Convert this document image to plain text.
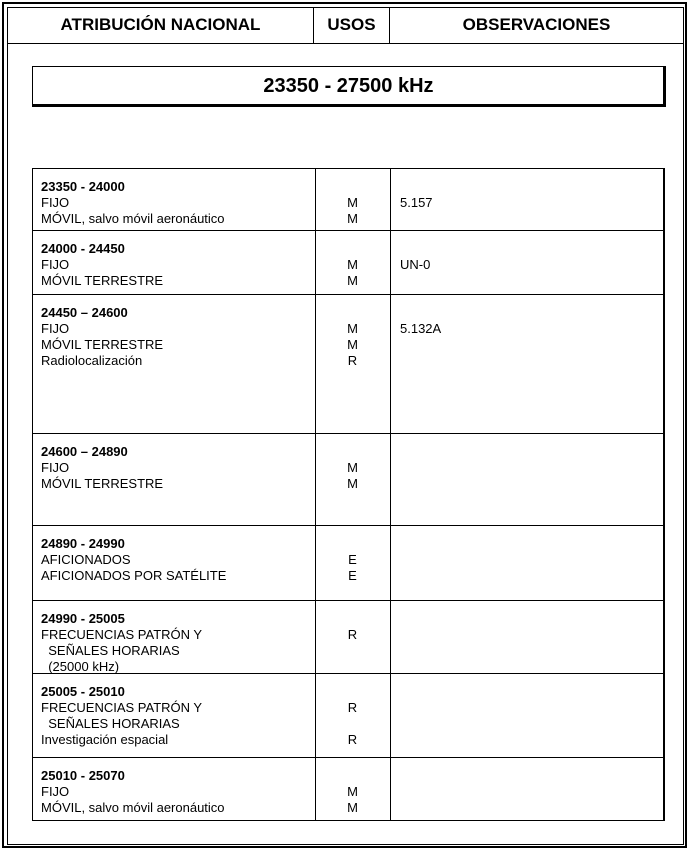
ATRIBUCIÓN NACIONAL	USOS	OBSERVACIONES
23350 - 27500 kHz
23350 - 24000
FIJO
MÓVIL, salvo móvil aeronáutico
M
M
5.157
24000 - 24450
FIJO
MÓVIL TERRESTRE
M
M
UN-0
24450 – 24600
FIJO
MÓVIL TERRESTRE
Radiolocalización
M
M
R
5.132A
24600 – 24890
FIJO
MÓVIL TERRESTRE
M
M
24890 - 24990
AFICIONADOS
AFICIONADOS POR SATÉLITE
E
E
24990 - 25005
FRECUENCIAS PATRÓN Y
SEÑALES HORARIAS
(25000 kHz)
R
25005 - 25010
FRECUENCIAS PATRÓN Y
SEÑALES HORARIAS
Investigación espacial
R
R
25010 - 25070
FIJO
MÓVIL, salvo móvil aeronáutico
M
M
